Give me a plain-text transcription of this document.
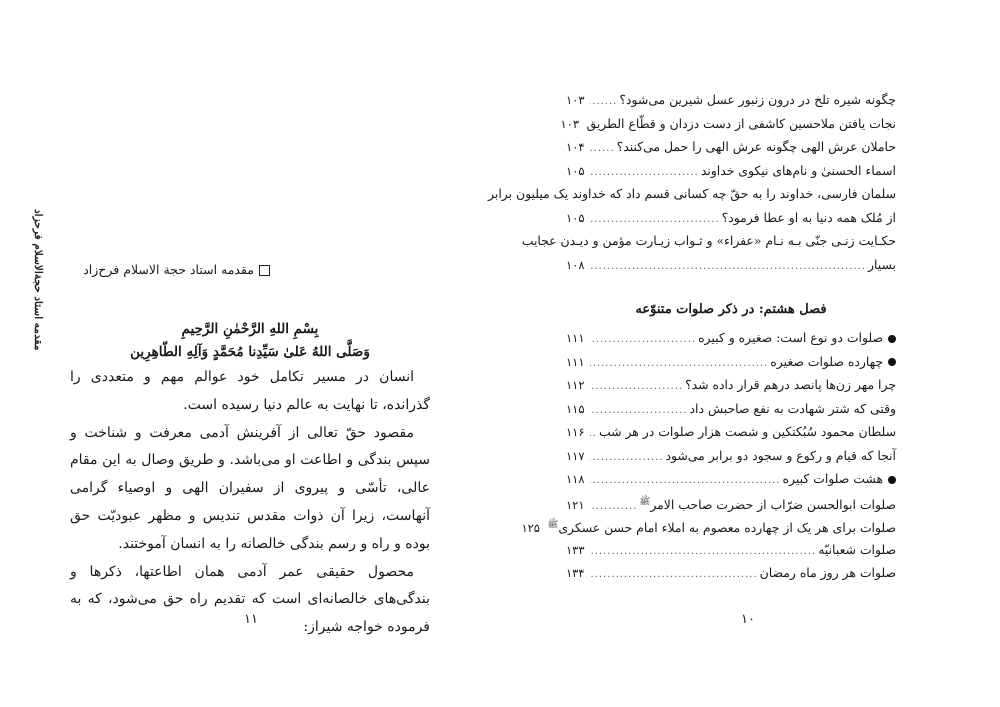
چگونه شیره تلخ در درون زنبور عسل شیرین می‌شود؟
.....
۱۰۳
نجات یافتن ملاحسین کاشفی از دست دزدان و قطّاع الطریق
۱۰۳
حاملان عرش الهی چگونه عرش الهی را حمل می‌کنند؟
.....
۱۰۴
اسماء الحسنیٰ و نام‌های نیکوی خداوند
.....
۱۰۵
سلمان فارسی، خداوند را به حقّ چه کسانی قسم داد که خداوند یک میلیون برابر
از مُلک همه دنیا به او عطا فرمود؟
.....
۱۰۵
حکـایت زنـی جنّی بـه نـام «عفراء» و ثـواب زیـارت مؤمن و دیـدن عجایب
بسیار
.....
۱۰۸
فصل هشتم: در ذکر صلوات متنوّعه
صلوات دو نوع است: صغیره و کبیره
.....
۱۱۱
چهارده صلوات صغیره
.....
۱۱۱
چرا مهر زن‌ها پانصد درهم قرار داده شد؟
.....
۱۱۲
وقتی که شتر شهادت به نفع صاحبش داد
.....
۱۱۵
سلطان محمود سُبُکتکین و شصت هزار صلوات در هر شب
.....
۱۱۶
آنجا که قیام و رکوع و سجود دو برابر می‌شود
.....
۱۱۷
هشت صلوات کبیره
.....
۱۱۸
صلوات ابوالحسن ضرّاب از حضرت صاحب الامر$^ﷺ$
.....
۱۲۱
صلوات برای هر یک از چهارده معصوم به املاء امام حسن عسکری$^ﷺ$
۱۲۵
صلوات شعبانیّه
.....
۱۳۳
صلوات هر روز ماه رمضان
.....
۱۳۴
۱۰
مقدمه استاد حجةالاسلام فرحزاد	مقدمه استاد حجة الاسلام فرح‌زاد
بِسْمِ اللهِ الرَّحْمٰنِ الرَّحِيمِ
وَصَلَّى اللهُ عَلىٰ سَيِّدِنا مُحَمَّدٍ وَآلِهِ الطّاهِرِين

انسان در مسیر تکامل خود عوالم مهم و متعددی را گذرانده، تا نهایت به عالم دنیا رسیده است.

مقصود حقّ تعالی از آفرینش آدمی معرفت و شناخت و سپس بندگی و اطاعت او می‌باشد. و طریق وصال به این مقام عالی، تأسّی و پیروی از سفیران الهی و اوصیاء گرامی آنهاست، زیرا آن ذوات مقدس تندیس و مظهر عبودیّت حق بوده و راه و رسم بندگی خالصانه را به انسان آموختند.

محصول حقیقی عمر آدمی همان اطاعتها، ذکرها و بندگی‌های خالصانه‌ای است که تقدیم راه حق می‌شود، که به فرموده خواجه شیراز:

۱۱
